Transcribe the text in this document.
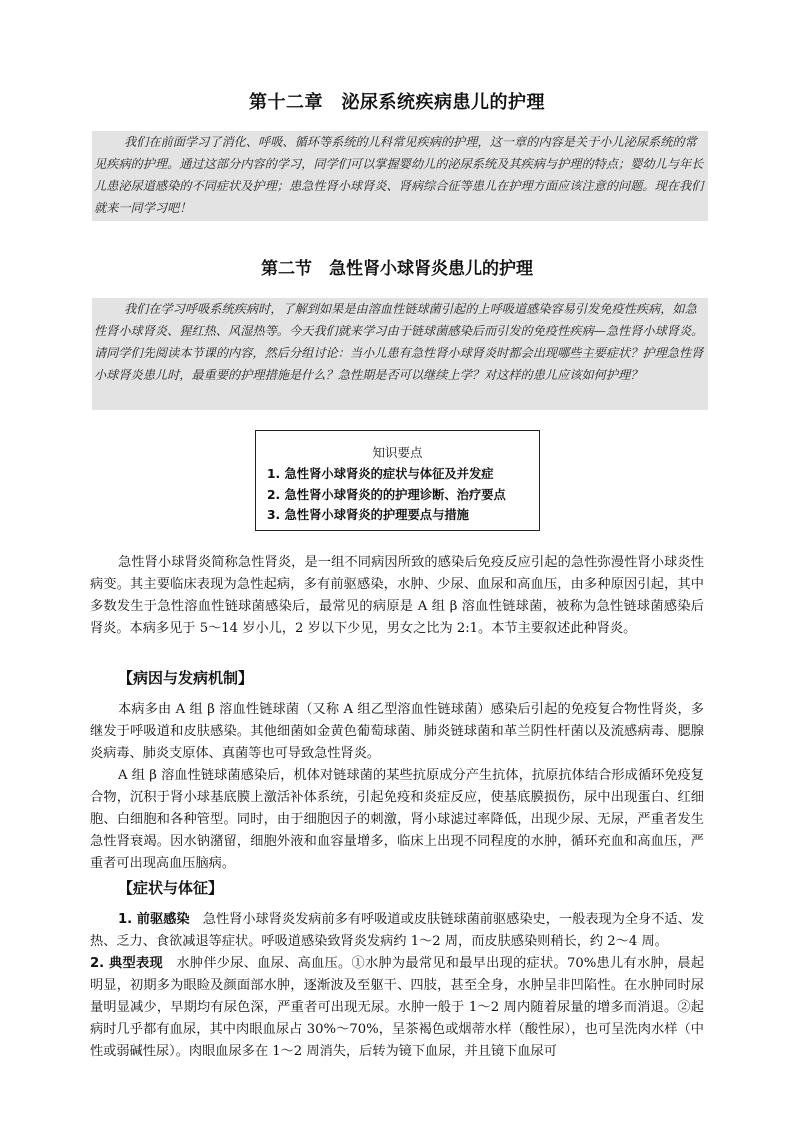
第十二章　泌尿系统疾病患儿的护理
我们在前面学习了消化、呼吸、循环等系统的儿科常见疾病的护理，这一章的内容是关于小儿泌尿系统的常见疾病的护理。通过这部分内容的学习，同学们可以掌握婴幼儿的泌尿系统及其疾病与护理的特点；婴幼儿与年长儿患泌尿道感染的不同症状及护理；患急性肾小球肾炎、肾病综合征等患儿在护理方面应该注意的问题。现在我们就来一同学习吧！
第二节　急性肾小球肾炎患儿的护理
我们在学习呼吸系统疾病时，了解到如果是由溶血性链球菌引起的上呼吸道感染容易引发免疫性疾病，如急性肾小球肾炎、猩红热、风湿热等。今天我们就来学习由于链球菌感染后而引发的免疫性疾病—急性肾小球肾炎。请同学们先阅读本节课的内容，然后分组讨论：当小儿患有急性肾小球肾炎时都会出现哪些主要症状？护理急性肾小球肾炎患儿时，最重要的护理措施是什么？急性期是否可以继续上学？对这样的患儿应该如何护理？
知识要点
1. 急性肾小球肾炎的症状与体征及并发症
2. 急性肾小球肾炎的的护理诊断、治疗要点
3. 急性肾小球肾炎的护理要点与措施
急性肾小球肾炎简称急性肾炎，是一组不同病因所致的感染后免疫反应引起的急性弥漫性肾小球炎性病变。其主要临床表现为急性起病，多有前驱感染，水肿、少尿、血尿和高血压，由多种原因引起，其中多数发生于急性溶血性链球菌感染后，最常见的病原是 A 组 β 溶血性链球菌，被称为急性链球菌感染后肾炎。本病多见于 5～14 岁小儿，2 岁以下少见，男女之比为 2:1。本节主要叙述此种肾炎。
【病因与发病机制】
本病多由 A 组 β 溶血性链球菌（又称 A 组乙型溶血性链球菌）感染后引起的免疫复合物性肾炎，多继发于呼吸道和皮肤感染。其他细菌如金黄色葡萄球菌、肺炎链球菌和革兰阴性杆菌以及流感病毒、腮腺炎病毒、肺炎支原体、真菌等也可导致急性肾炎。
A 组 β 溶血性链球菌感染后，机体对链球菌的某些抗原成分产生抗体，抗原抗体结合形成循环免疫复合物，沉积于肾小球基底膜上激活补体系统，引起免疫和炎症反应，使基底膜损伤，尿中出现蛋白、红细胞、白细胞和各种管型。同时，由于细胞因子的刺激，肾小球滤过率降低，出现少尿、无尿，严重者发生急性肾衰竭。因水钠潴留，细胞外液和血容量增多，临床上出现不同程度的水肿，循环充血和高血压，严重者可出现高血压脑病。
【症状与体征】
1. 前驱感染　 急性肾小球肾炎发病前多有呼吸道或皮肤链球菌前驱感染史，一般表现为全身不适、发热、乏力、食欲减退等症状。呼吸道感染致肾炎发病约 1～2 周，而皮肤感染则稍长，约 2～4 周。
2. 典型表现　 水肿伴少尿、血尿、高血压。①水肿为最常见和最早出现的症状。70%患儿有水肿，晨起明显，初期多为眼睑及颜面部水肿，逐渐波及至躯干、四肢，甚至全身，水肿呈非凹陷性。在水肿同时尿量明显减少，早期均有尿色深，严重者可出现无尿。水肿一般于 1～2 周内随着尿量的增多而消退。②起病时几乎都有血尿，其中肉眼血尿占 30%～70%，呈茶褐色或烟蒂水样（酸性尿），也可呈洗肉水样（中性或弱碱性尿）。肉眼血尿多在 1～2 周消失，后转为镜下血尿，并且镜下血尿可
